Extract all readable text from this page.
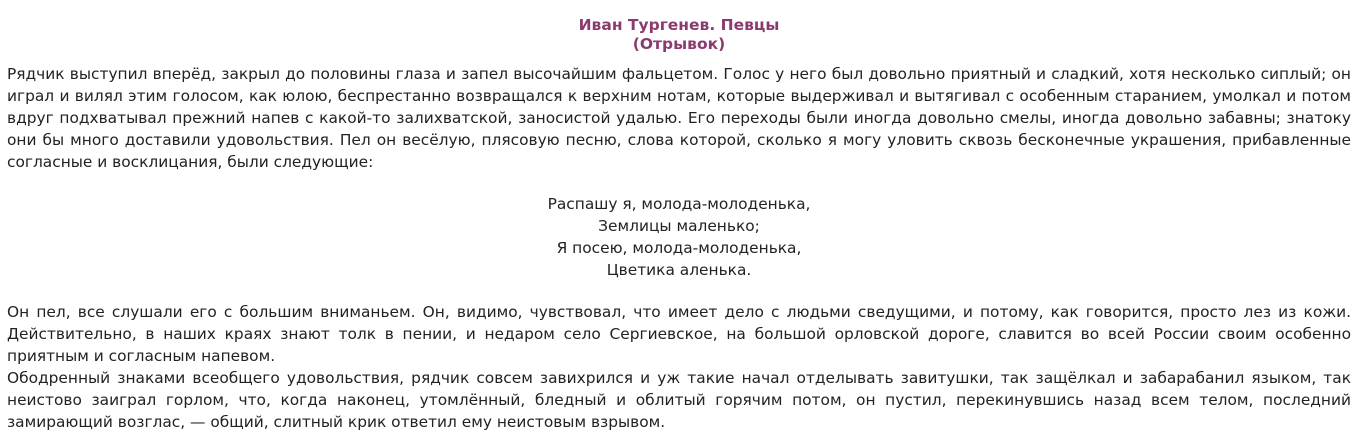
Иван Тургенев. Певцы
(Отрывок)

Рядчик выступил вперёд, закрыл до половины глаза и запел высочайшим фальцетом. Голос у него был довольно приятный и сладкий, хотя несколько сиплый; он играл и вилял этим голосом, как юлою, беспрестанно возвращался к верхним нотам, которые выдерживал и вытягивал с особенным старанием, умолкал и потом вдруг подхватывал прежний напев с какой-то залихватской, заносистой удалью. Его переходы были иногда довольно смелы, иногда довольно забавны; знатоку они бы много доставили удовольствия. Пел он весёлую, плясовую песню, слова которой, сколько я могу уловить сквозь бесконечные украшения, прибавленные согласные и восклицания, были следующие:

Распашу я, молода-молоденька,
Землицы маленько;
Я посею, молода-молоденька,
Цветика аленька.

Он пел, все слушали его с большим вниманьем. Он, видимо, чувствовал, что имеет дело с людьми сведущими, и потому, как говорится, просто лез из кожи. Действительно, в наших краях знают толк в пении, и недаром село Сергиевское, на большой орловской дороге, славится во всей России своим особенно приятным и согласным напевом.

Ободренный знаками всеобщего удовольствия, рядчик совсем завихрился и уж такие начал отделывать завитушки, так защёлкал и забарабанил языком, так неистово заиграл горлом, что, когда наконец, утомлённый, бледный и облитый горячим потом, он пустил, перекинувшись назад всем телом, последний замирающий возглас, — общий, слитный крик ответил ему неистовым взрывом.
